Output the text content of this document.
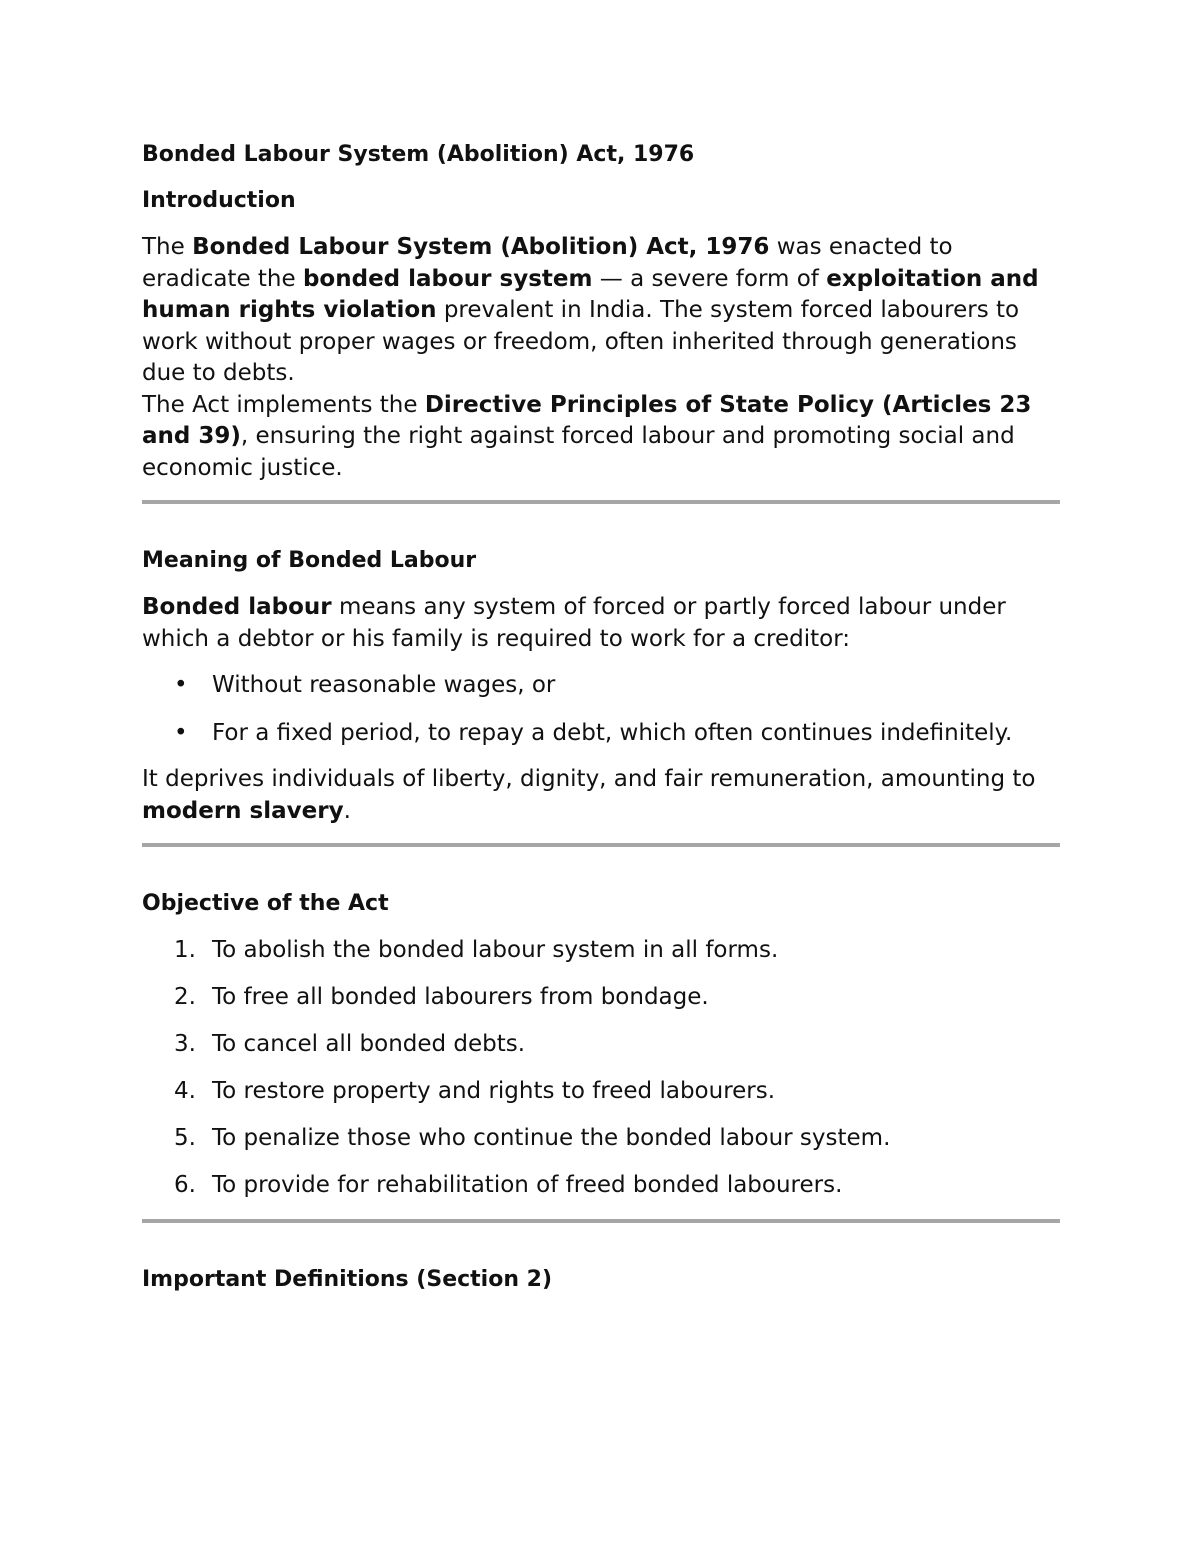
Bonded Labour System (Abolition) Act, 1976
Introduction

The Bonded Labour System (Abolition) Act, 1976 was enacted to eradicate the bonded labour system — a severe form of exploitation and human rights violation prevalent in India. The system forced labourers to work without proper wages or freedom, often inherited through generations due to debts.

The Act implements the Directive Principles of State Policy (Articles 23 and 39), ensuring the right against forced labour and promoting social and economic justice.

Meaning of Bonded Labour

Bonded labour means any system of forced or partly forced labour under which a debtor or his family is required to work for a creditor:

• Without reasonable wages, or
• For a fixed period, to repay a debt, which often continues indefinitely.

It deprives individuals of liberty, dignity, and fair remuneration, amounting to modern slavery.

Objective of the Act
1. To abolish the bonded labour system in all forms.
2. To free all bonded labourers from bondage.
3. To cancel all bonded debts.
4. To restore property and rights to freed labourers.
5. To penalize those who continue the bonded labour system.
6. To provide for rehabilitation of freed bonded labourers.
Important Definitions (Section 2)
